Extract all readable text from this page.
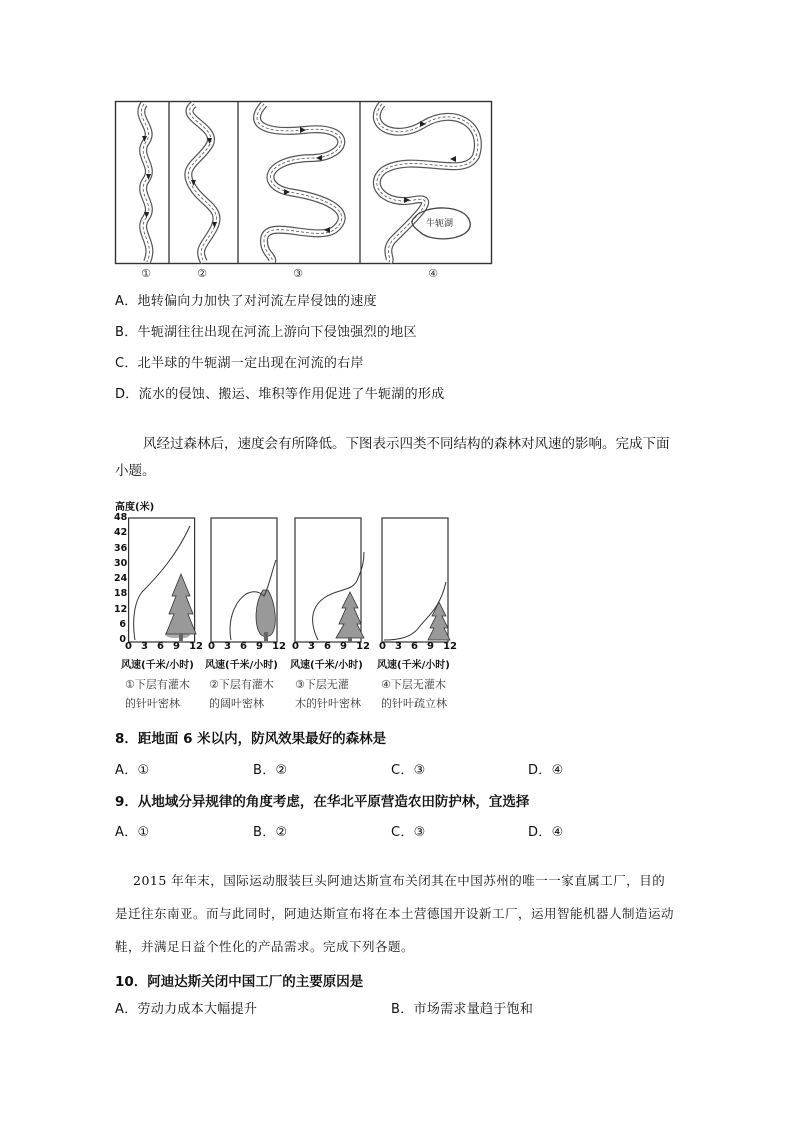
牛轭湖
①	②	③	④
A．地转偏向力加快了对河流左岸侵蚀的速度
B．牛轭湖往往出现在河流上游向下侵蚀强烈的地区
C．北半球的牛轭湖一定出现在河流的右岸
D．流水的侵蚀、搬运、堆积等作用促进了牛轭湖的形成
风经过森林后，速度会有所降低。下图表示四类不同结构的森林对风速的影响。完成下面小题。
高度(米)
48
42
36
30
24
18
12
6
0
0 3 6 9 12 0 3 6 9 12 0 3 6 9 12 0 3 6 9 12
风速(千米/小时) 风速(千米/小时) 风速(千米/小时) 风速(千米/小时)
①下层有灌木
的针叶密林
②下层有灌木
的阔叶密林
③下层无灌
木的针叶密林
④下层无灌木
的针叶疏立林
8．距地面 6 米以内，防风效果最好的森林是
A．①	B．②	C．③	D．④
9．从地域分异规律的角度考虑，在华北平原营造农田防护林，宜选择
A．①	B．②	C．③	D．④
2015 年年末，国际运动服装巨头阿迪达斯宣布关闭其在中国苏州的唯一一家直属工厂，目的是迁往东南亚。而与此同时，阿迪达斯宣布将在本土营德国开设新工厂，运用智能机器人制造运动鞋，并满足日益个性化的产品需求。完成下列各题。
10．阿迪达斯关闭中国工厂的主要原因是
A．劳动力成本大幅提升	B．市场需求量趋于饱和
